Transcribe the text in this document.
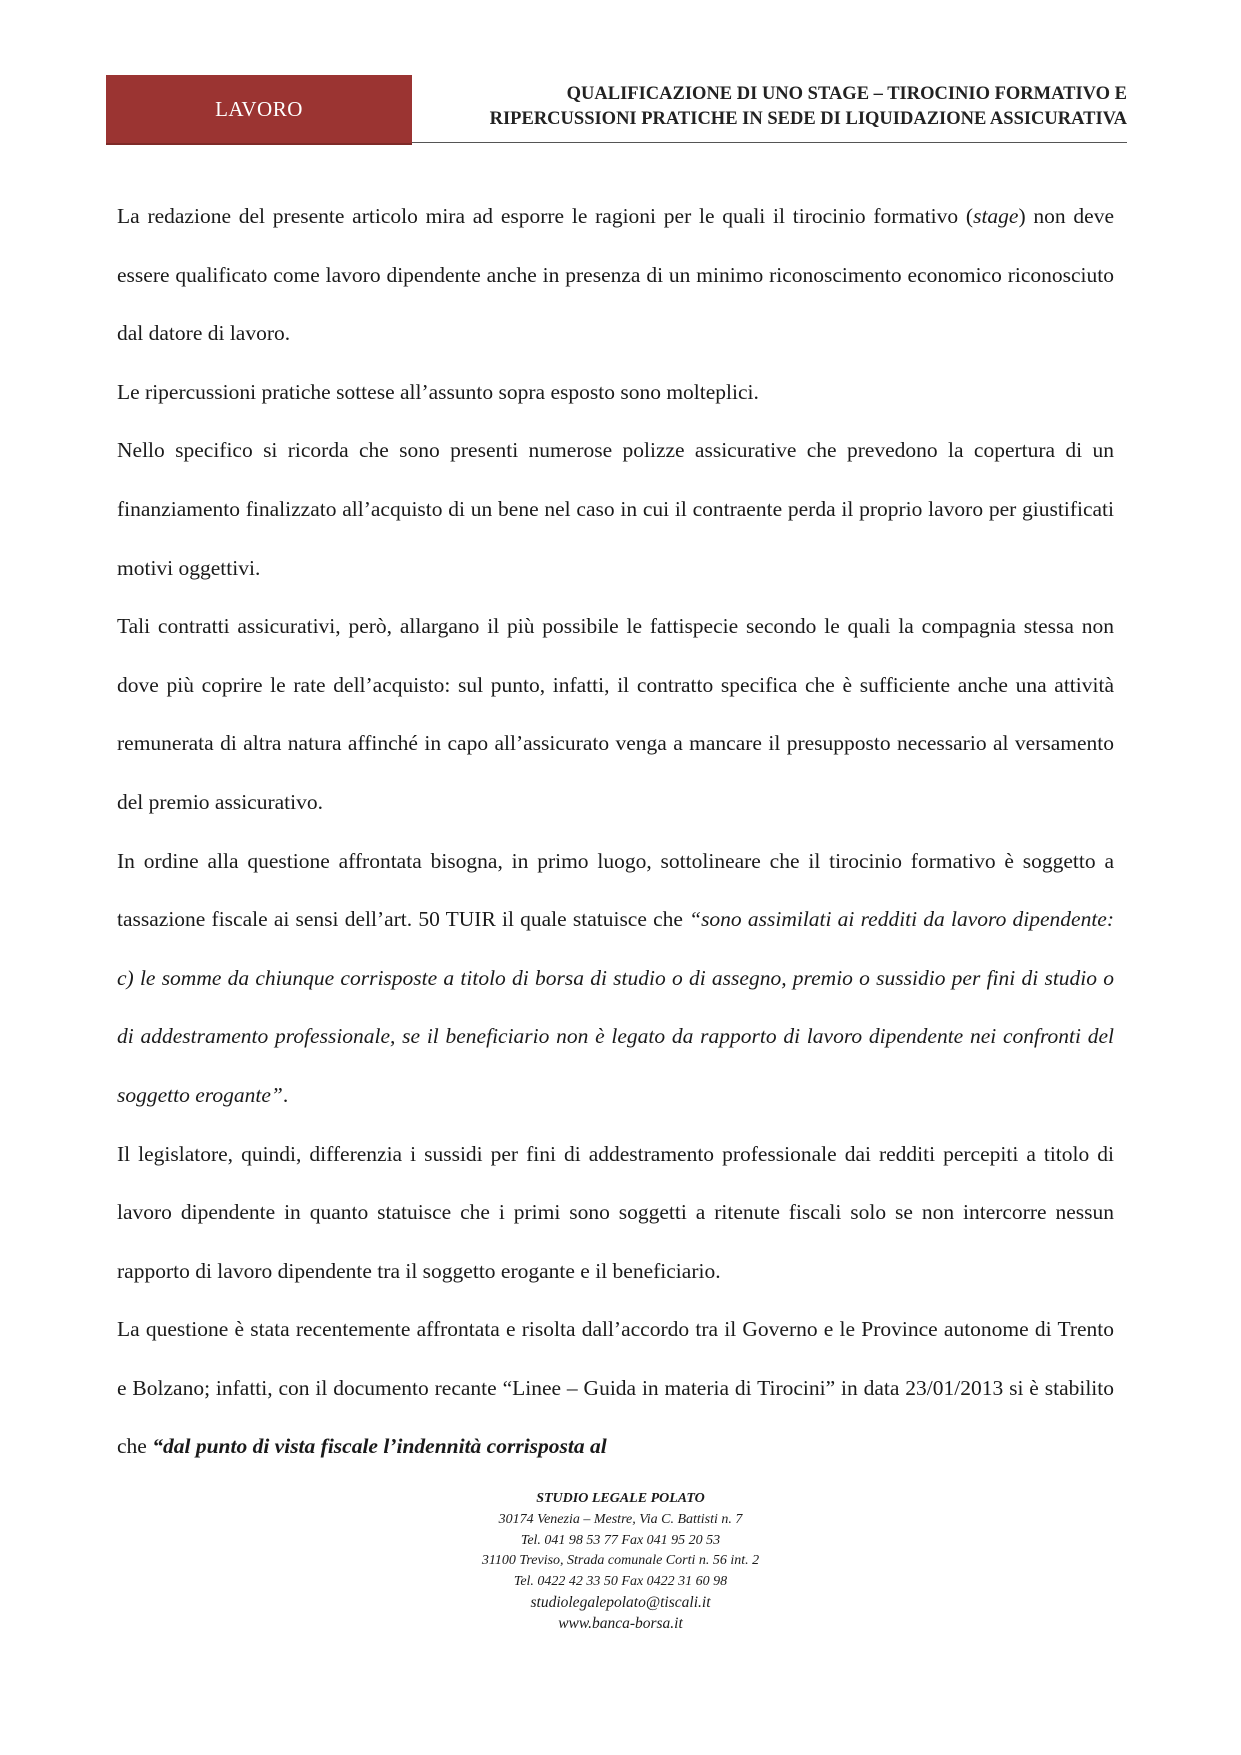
LAVORO
QUALIFICAZIONE DI UNO STAGE – TIROCINIO FORMATIVO E
RIPERCUSSIONI PRATICHE IN SEDE DI LIQUIDAZIONE ASSICURATIVA

La redazione del presente articolo mira ad esporre le ragioni per le quali il tirocinio formativo (stage) non deve essere qualificato come lavoro dipendente anche in presenza di un minimo riconoscimento economico riconosciuto dal datore di lavoro.

Le ripercussioni pratiche sottese all’assunto sopra esposto sono molteplici.

Nello specifico si ricorda che sono presenti numerose polizze assicurative che prevedono la copertura di un finanziamento finalizzato all’acquisto di un bene nel caso in cui il contraente perda il proprio lavoro per giustificati motivi oggettivi.

Tali contratti assicurativi, però, allargano il più possibile le fattispecie secondo le quali la compagnia stessa non dove più coprire le rate dell’acquisto: sul punto, infatti, il contratto specifica che è sufficiente anche una attività remunerata di altra natura affinché in capo all’assicurato venga a mancare il presupposto necessario al versamento del premio assicurativo.

In ordine alla questione affrontata bisogna, in primo luogo, sottolineare che il tirocinio formativo è soggetto a tassazione fiscale ai sensi dell’art. 50 TUIR il quale statuisce che “sono assimilati ai redditi da lavoro dipendente: c) le somme da chiunque corrisposte a titolo di borsa di studio o di assegno, premio o sussidio per fini di studio o di addestramento professionale, se il beneficiario non è legato da rapporto di lavoro dipendente nei confronti del soggetto erogante”.

Il legislatore, quindi, differenzia i sussidi per fini di addestramento professionale dai redditi percepiti a titolo di lavoro dipendente in quanto statuisce che i primi sono soggetti a ritenute fiscali solo se non intercorre nessun rapporto di lavoro dipendente tra il soggetto erogante e il beneficiario.

La questione è stata recentemente affrontata e risolta dall’accordo tra il Governo e le Province autonome di Trento e Bolzano; infatti, con il documento recante “Linee – Guida in materia di Tirocini” in data 23/01/2013 si è stabilito che “dal punto di vista fiscale l’indennità corrisposta al

STUDIO LEGALE POLATO
30174 Venezia – Mestre, Via C. Battisti n. 7
Tel. 041 98 53 77 Fax 041 95 20 53
31100 Treviso, Strada comunale Corti n. 56 int. 2
Tel. 0422 42 33 50 Fax 0422 31 60 98
studiolegalepolato@tiscali.it
www.banca-borsa.it
